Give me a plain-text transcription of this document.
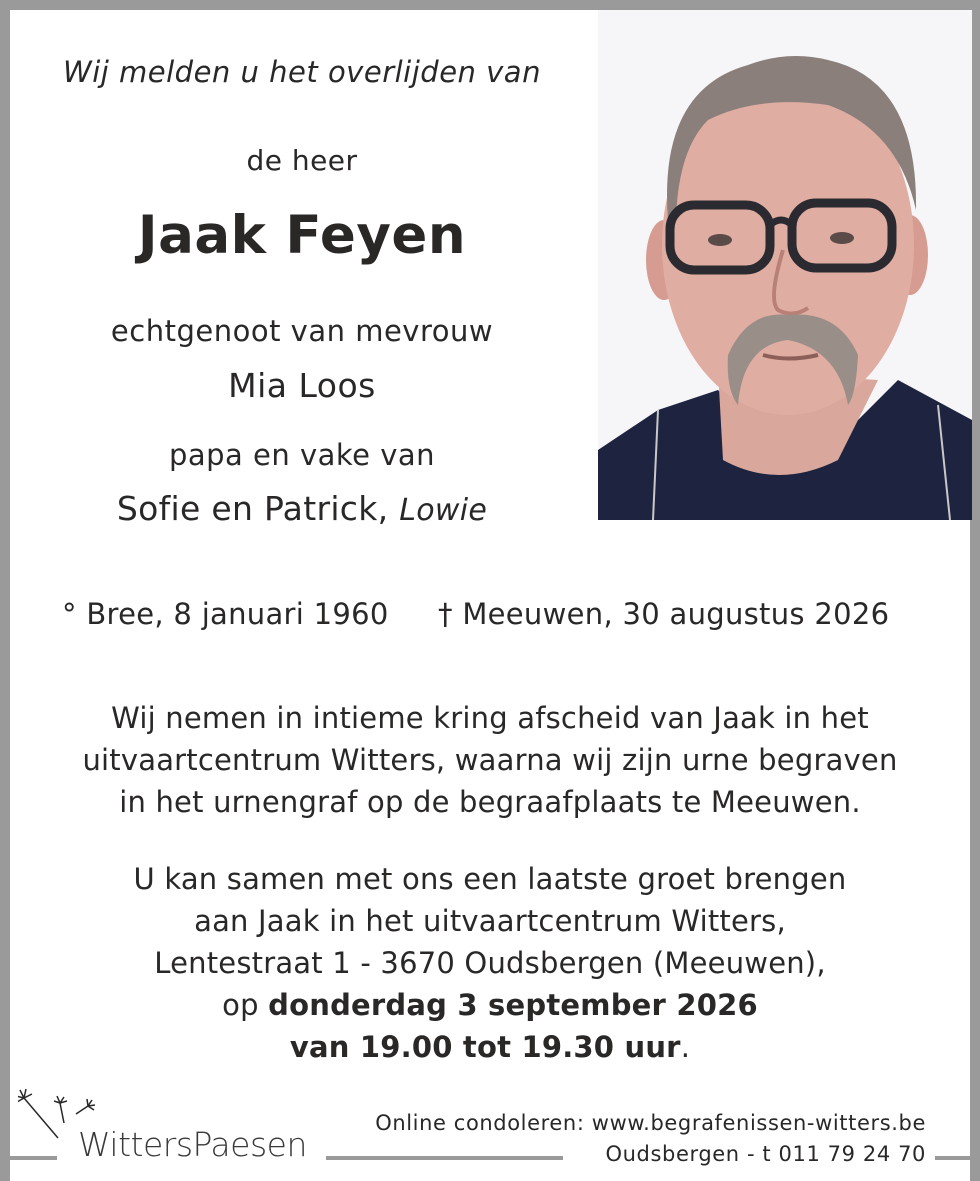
Wij melden u het overlijden van
de heer
Jaak Feyen
echtgenoot van mevrouw
Mia Loos
papa en vake van
Sofie en Patrick, Lowie
° Bree, 8 januari 1960 † Meeuwen, 30 augustus 2026
Wij nemen in intieme kring afscheid van Jaak in het
uitvaartcentrum Witters, waarna wij zijn urne begraven
in het urnengraf op de begraafplaats te Meeuwen.
U kan samen met ons een laatste groet brengen
aan Jaak in het uitvaartcentrum Witters,
Lentestraat 1 - 3670 Oudsbergen (Meeuwen),
op donderdag 3 september 2026
van 19.00 tot 19.30 uur.
WittersPaesen
Online condoleren: www.begrafenissen-witters.be
Oudsbergen - t 011 79 24 70
